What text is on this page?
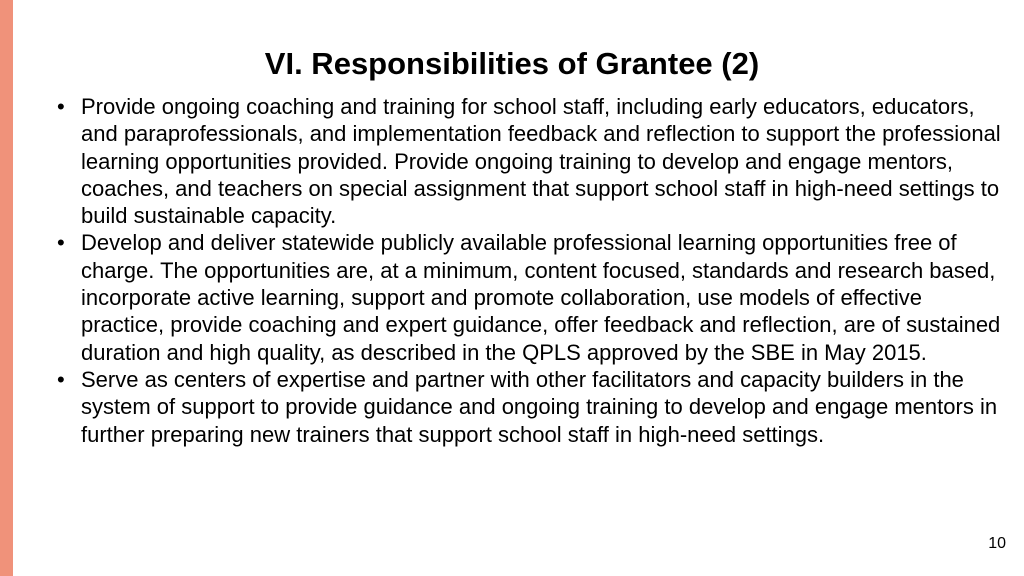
VI. Responsibilities of Grantee (2)
• Provide ongoing coaching and training for school staff, including early educators, educators, and paraprofessionals, and implementation feedback and reflection to support the professional learning opportunities provided. Provide ongoing training to develop and engage mentors, coaches, and teachers on special assignment that support school staff in high-need settings to build sustainable capacity.

• Develop and deliver statewide publicly available professional learning opportunities free of charge. The opportunities are, at a minimum, content focused, standards and research based, incorporate active learning, support and promote collaboration, use models of effective practice, provide coaching and expert guidance, offer feedback and reflection, are of sustained duration and high quality, as described in the QPLS approved by the SBE in May 2015.

• Serve as centers of expertise and partner with other facilitators and capacity builders in the system of support to provide guidance and ongoing training to develop and engage mentors in further preparing new trainers that support school staff in high-need settings.

10
